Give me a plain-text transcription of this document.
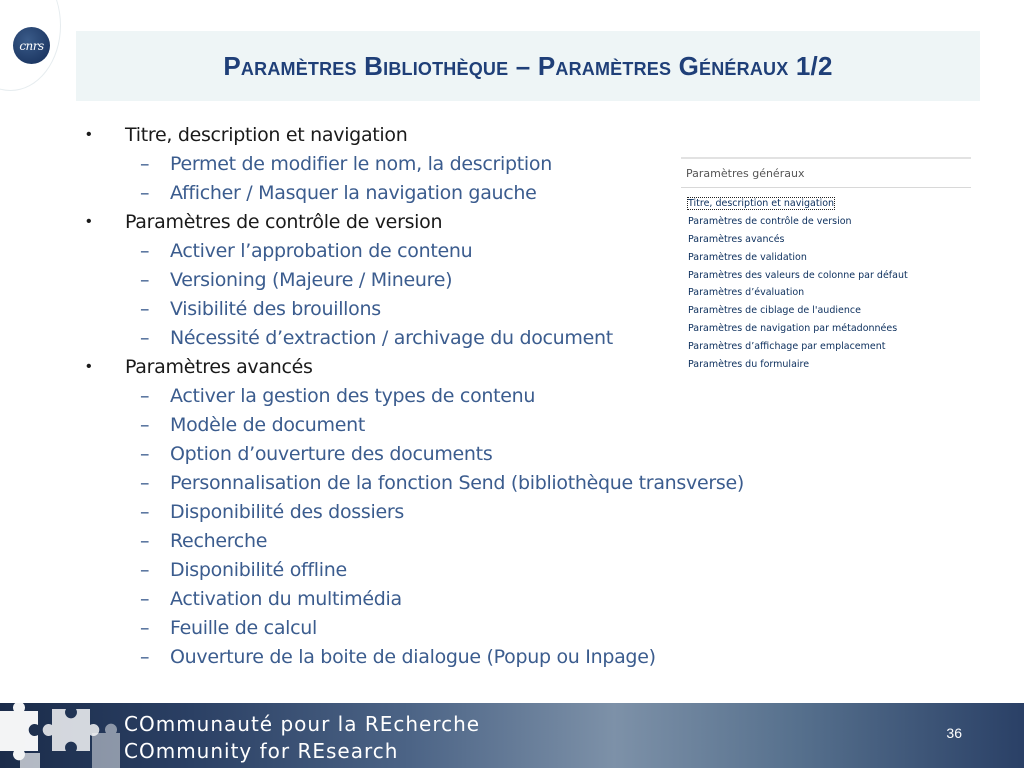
cnrs
Paramètres Bibliothèque – Paramètres Généraux 1/2
•	Titre, description et navigation
–	Permet de modifier le nom, la description
–	Afficher / Masquer la navigation gauche
•	Paramètres de contrôle de version
–	Activer l’approbation de contenu
–	Versioning (Majeure / Mineure)
–	Visibilité des brouillons
–	Nécessité d’extraction / archivage du document
•	Paramètres avancés
–	Activer la gestion des types de contenu
–	Modèle de document
–	Option d’ouverture des documents
–	Personnalisation de la fonction Send (bibliothèque transverse)
–	Disponibilité des dossiers
–	Recherche
–	Disponibilité offline
–	Activation du multimédia
–	Feuille de calcul
–	Ouverture de la boite de dialogue (Popup ou Inpage)
Paramètres généraux
Titre, description et navigation
Paramètres de contrôle de version
Paramètres avancés
Paramètres de validation
Paramètres des valeurs de colonne par défaut
Paramètres d’évaluation
Paramètres de ciblage de l'audience
Paramètres de navigation par métadonnées
Paramètres d’affichage par emplacement
Paramètres du formulaire
COmmunauté pour la REcherche
COmmunity for REsearch
36
